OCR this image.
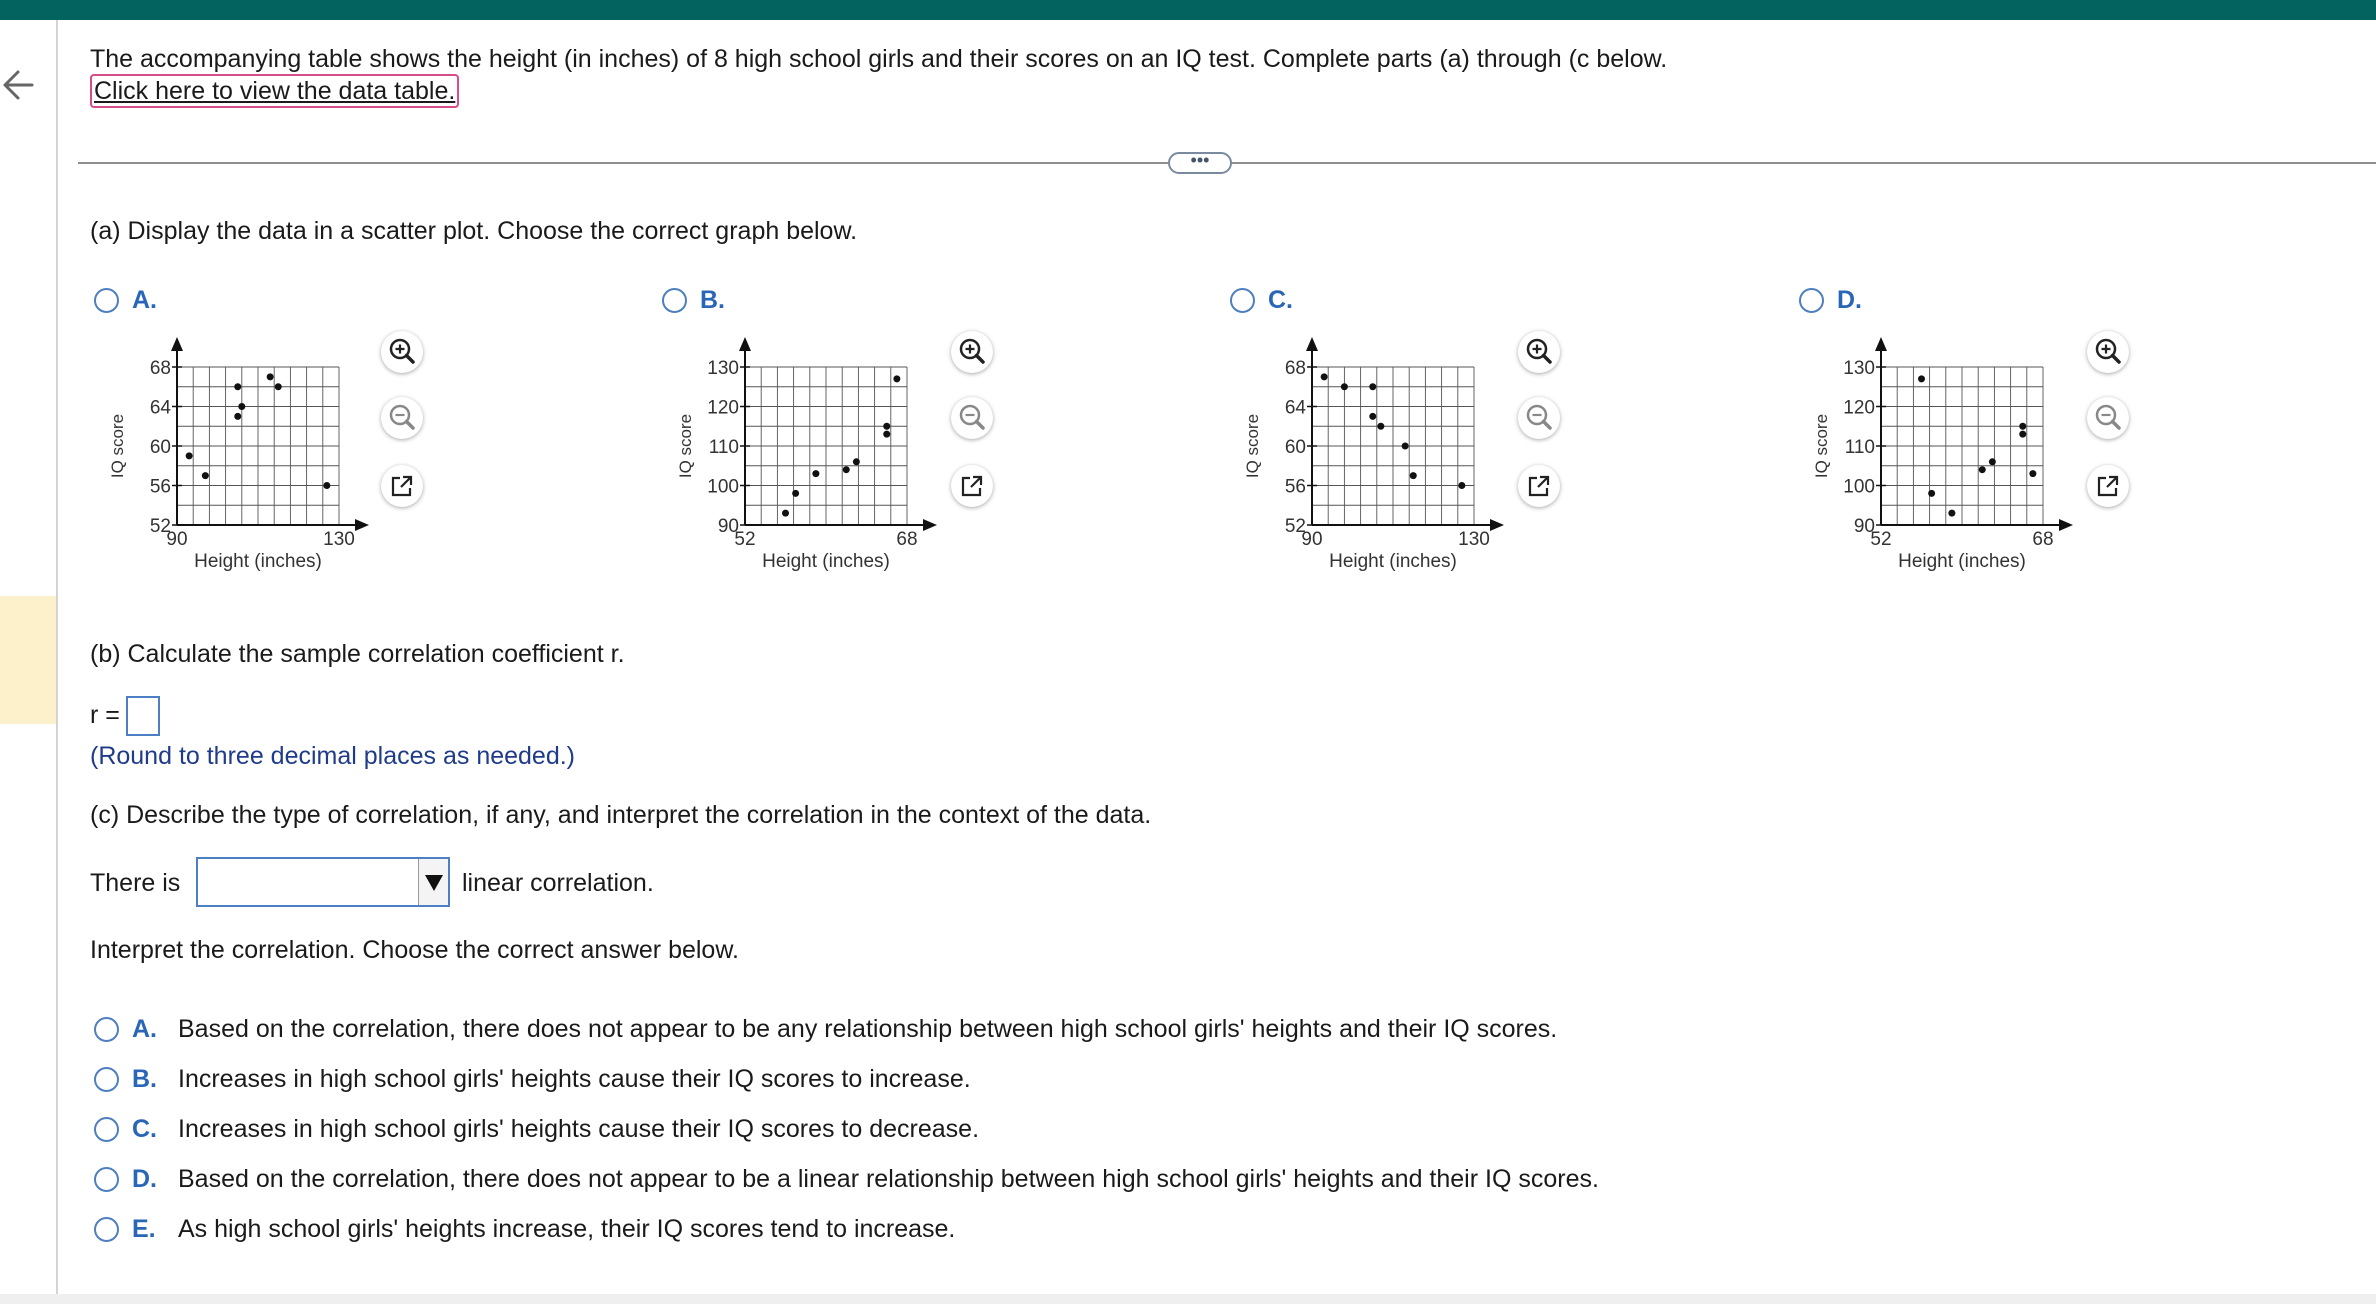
The accompanying table shows the height (in inches) of 8 high school girls and their scores on an IQ test. Complete parts (a) through (c below.
Click here to view the data table.
•••
(a) Display the data in a scatter plot. Choose the correct graph below.
A.
52
56
60
64
68
90	130
Height (inches)
IQ score
B.
90
100
110
120
130
52	68
Height (inches)
IQ score
C.
52
56
60
64
68
90	130
Height (inches)
IQ score
D.
90
100
110
120
130
52	68
Height (inches)
IQ score
(b) Calculate the sample correlation coefficient r.
r =
(Round to three decimal places as needed.)
(c) Describe the type of correlation, if any, and interpret the correlation in the context of the data.
There is	linear correlation.
Interpret the correlation. Choose the correct answer below.
A. Based on the correlation, there does not appear to be any relationship between high school girls' heights and their IQ scores.
B. Increases in high school girls' heights cause their IQ scores to increase.
C. Increases in high school girls' heights cause their IQ scores to decrease.
D. Based on the correlation, there does not appear to be a linear relationship between high school girls' heights and their IQ scores.
E. As high school girls' heights increase, their IQ scores tend to increase.
